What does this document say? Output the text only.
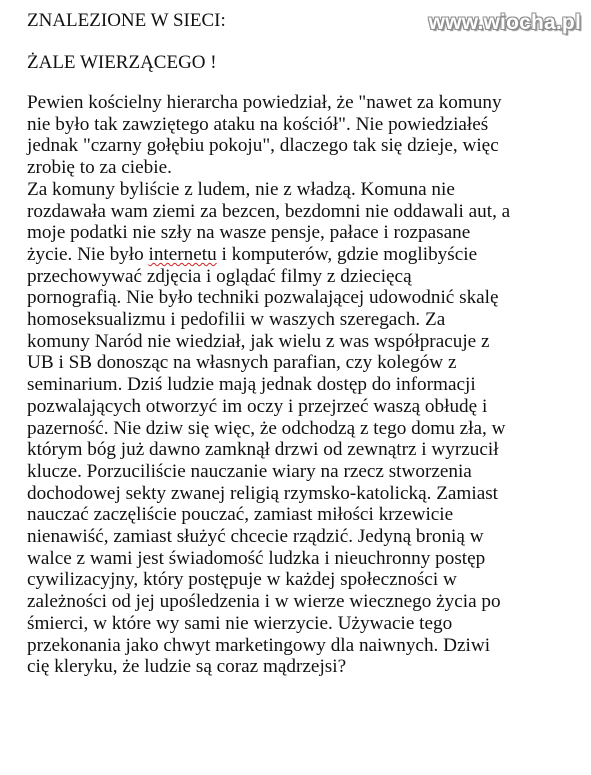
ZNALEZIONE W SIECI:
ŻALE WIERZĄCEGO !
www.wiocha.pl
Pewien kościelny hierarcha powiedział, że "nawet za komuny
nie było tak zawziętego ataku na kościół". Nie powiedziałeś
jednak "czarny gołębiu pokoju", dlaczego tak się dzieje, więc
zrobię to za ciebie.
Za komuny byliście z ludem, nie z władzą. Komuna nie
rozdawała wam ziemi za bezcen, bezdomni nie oddawali aut, a
moje podatki nie szły na wasze pensje, pałace i rozpasane
życie. Nie było internetu i komputerów, gdzie moglibyście
przechowywać zdjęcia i oglądać filmy z dziecięcą
pornografią. Nie było techniki pozwalającej udowodnić skalę
homoseksualizmu i pedofilii w waszych szeregach. Za
komuny Naród nie wiedział, jak wielu z was współpracuje z
UB i SB donosząc na własnych parafian, czy kolegów z
seminarium. Dziś ludzie mają jednak dostęp do informacji
pozwalających otworzyć im oczy i przejrzeć waszą obłudę i
pazerność. Nie dziw się więc, że odchodzą z tego domu zła, w
którym bóg już dawno zamknął drzwi od zewnątrz i wyrzucił
klucze. Porzuciliście nauczanie wiary na rzecz stworzenia
dochodowej sekty zwanej religią rzymsko-katolicką. Zamiast
nauczać zaczęliście pouczać, zamiast miłości krzewicie
nienawiść, zamiast służyć chcecie rządzić. Jedyną bronią w
walce z wami jest świadomość ludzka i nieuchronny postęp
cywilizacyjny, który postępuje w każdej społeczności w
zależności od jej upośledzenia i w wierze wiecznego życia po
śmierci, w które wy sami nie wierzycie. Używacie tego
przekonania jako chwyt marketingowy dla naiwnych. Dziwi
cię kleryku, że ludzie są coraz mądrzejsi?
